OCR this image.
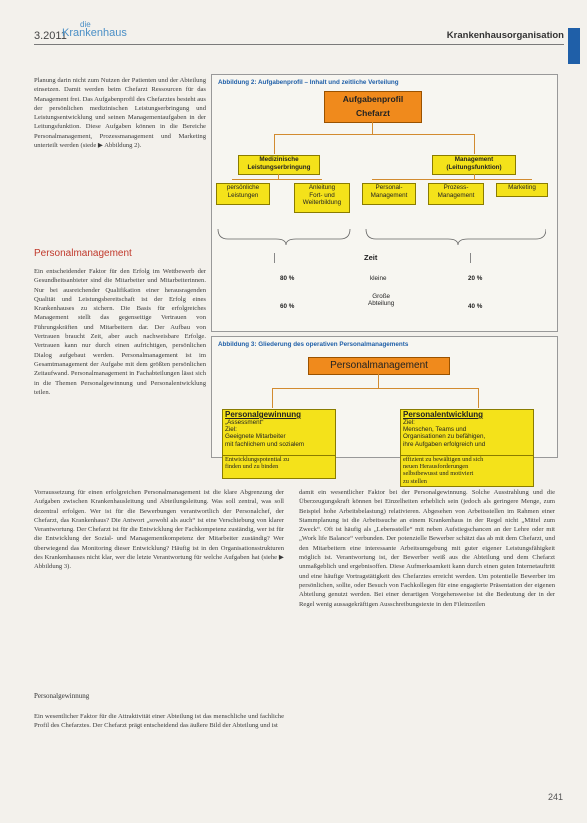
3.2011
die
Krankenhaus	Krankenhausorganisation

Planung darin nicht zum Nutzen der Patienten und der Abteilung einsetzen. Damit werden beim Chefarzt Ressourcen für das Management frei. Das Aufgabenprofil des Chefarztes besteht aus der persönlichen medizinischen Leistungserbringung und Leistungsentwicklung und seinen Managementaufgaben in der Leitungsfunktion. Diese Aufgaben können in die Bereiche Personalmanagement, Prozessmanagement und Marketing unterteilt werden (siede ▶ Abbildung 2).

Personalmanagement

Ein entscheidender Faktor für den Erfolg im Wettbewerb der Gesundheitsanbieter sind die Mitarbeiter und Mitarbeiterinnen. Nur bei ausreichender Qualifikation einer herausragenden Qualität und Leistungsbereitschaft ist der Erfolg eines Krankenhauses zu sichern. Die Basis für erfolgreiches Management stellt das gegenseitige Vertrauen von Führungskräften und Mitarbeitern dar. Der Aufbau von Vertrauen braucht Zeit, aber auch nachweisbare Erfolge. Vertrauen kann nur durch einen aufrichtigen, persönlichen Dialog aufgebaut werden. Personalmanagement ist im Gesamtmanagement der Aufgabe mit dem größten persönlichen Zeitaufwand. Personalmanagement in Fachabteilungen lässt sich in die Themen Personalgewinnung und Personalentwicklung teilen.

Abbildung 2: Aufgabenprofil – Inhalt und zeitliche Verteilung
Aufgabenprofil
Chefarzt
Medizinische
Leistungserbringung
Management
(Leitungsfunktion)
persönliche
Leistungen
Anleitung
Fort- und
Weiterbildung
Personal-
Management
Prozess-
Management
Marketing
Zeit
80 %	kleine	20 %
60 %
Große
Abteilung	40 %
Abbildung 3: Gliederung des operativen Personalmanagements
Personalmanagement
Personalgewinnung
„Assessment“
Ziel:
Geeignete Mitarbeiter
mit fachlichem und sozialem
Personalentwicklung
Ziel:
Menschen, Teams und
Organisationen zu befähigen,
ihre Aufgaben erfolgreich und
Entwicklungspotential zu
finden und zu binden
effizient zu bewältigen und sich
neuen Herausforderungen
selbstbewusst und motiviert
zu stellen

Vorraussetzung für einen erfolgreichen Personalmanagement ist die klare Abgrenzung der Aufgaben zwischen Krankenhausleitung und Abteilungsleitung. Was soll zentral, was soll dezentral erfolgen. Wer ist für die Bewerbungen verantwortlich der Personalchef, der Chefarzt, das Krankenhaus? Die Antwort „sowohl als auch“ ist eine Verschiebung von klarer Verantwortung. Der Chefarzt ist für die Entwicklung der Fachkompetenz zuständig, wer ist für die Entwicklung der Sozial- und Managementkompetenz der Mitarbeiter zuständig? Wer überwiegend das Monitoring dieser Entwicklung? Häufig ist in den Organisationsstrukturen des Krankenhauses nicht klar, wer die letzte Verantwortung für welche Aufgaben hat (siehe ▶ Abbildung 3).

Personalgewinnung

Ein wesentlicher Faktor für die Attraktivität einer Abteilung ist das menschliche und fachliche Profil des Chefarztes. Der Chefarzt prägt entscheidend das äußere Bild der Abteilung und ist

damit ein wesentlicher Faktor bei der Personalgewinnung. Solche Ausstrahlung und die Überzeugungskraft können bei Einzelheiten erheblich sein (jedoch als geringere Menge, zum Beispiel hohe Arbeitsbelastung) relativieren. Abgesehen von Arbeitsstellen im Rahmen einer Stammplanung ist die Arbeitssuche an einem Krankenhaus in der Regel nicht „Mittel zum Zweck“. Oft ist häufig als „Lebensstelle“ mit neben Aufstiegschancen an der Lehre oder mit „Work life Balance“ verbunden. Der potenzielle Bewerber schätzt das ab mit dem Chefarzt, und den Mitarbeitern eine interessante Arbeitsumgebung mit guter eigener Leistungsfähigkeit möglich ist. Verantwortung ist, der Bewerber weiß aus die Abteilung und dem Chefarzt unmaßgeblich und ergebnisoffen. Diese Aufmerksamkeit kann durch einen guten Internetauftritt und eine häufige Vortragstätigkeit des Chefarztes erreicht werden. Um potentielle Bewerber im persönlichen, sollte, oder Besuch von Fachkollegen für eine engagierte Präsentation der eigenen Abteilung genutzt werden. Bei einer derartigen Vorgehensweise ist die Bedeutung der in der Regel wenig aussagekräftigen Ausschreibungstexte in den Fileinzeilen

241
